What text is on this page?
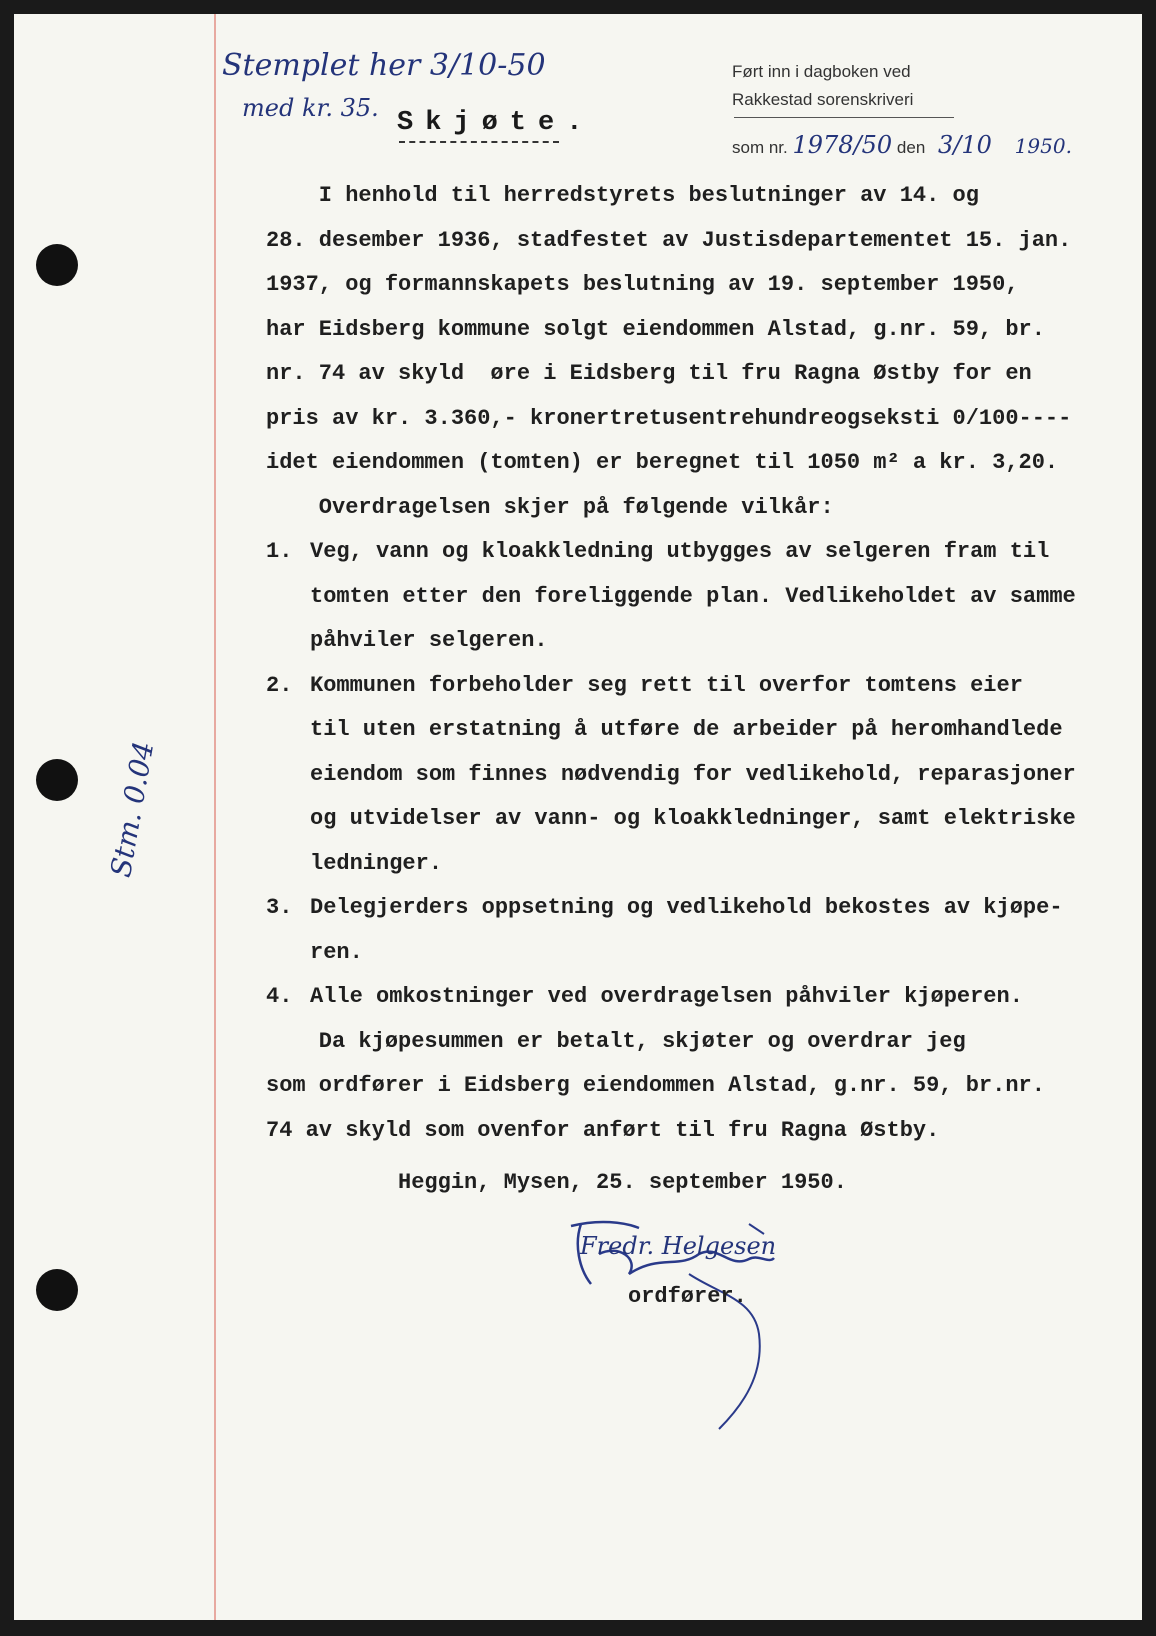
Stemplet her 3/10-50
med kr. 35.
Stm. 0.04
Ført inn i dagboken ved
Rakkestad sorenskriveri
som nr. 1978/50 den 3/10 1950.
Skjøte.

I henhold til herredstyrets beslutninger av 14. og

28. desember 1936, stadfestet av Justisdepartementet 15. jan.

1937, og formannskapets beslutning av 19. september 1950,

har Eidsberg kommune solgt eiendommen Alstad, g.nr. 59, br.

nr. 74 av skyld  øre i Eidsberg til fru Ragna Østby for en

pris av kr. 3.360,- kronertretusentrehundreogseksti 0/100----

idet eiendommen (tomten) er beregnet til 1050 m² a kr. 3,20.

Overdragelsen skjer på følgende vilkår:

1. Veg, vann og kloakkledning utbygges av selgeren fram til

tomten etter den foreliggende plan. Vedlikeholdet av samme

påhviler selgeren.

2. Kommunen forbeholder seg rett til overfor tomtens eier

til uten erstatning å utføre de arbeider på heromhandlede

eiendom som finnes nødvendig for vedlikehold, reparasjoner

og utvidelser av vann- og kloakkledninger, samt elektriske

ledninger.

3. Delegjerders oppsetning og vedlikehold bekostes av kjøpe-

ren.

4. Alle omkostninger ved overdragelsen påhviler kjøperen.

Da kjøpesummen er betalt, skjøter og overdrar jeg

som ordfører i Eidsberg eiendommen Alstad, g.nr. 59, br.nr.

74 av skyld som ovenfor anført til fru Ragna Østby.

Heggin, Mysen, 25. september 1950.

Fredr. Helgesen
ordfører.
